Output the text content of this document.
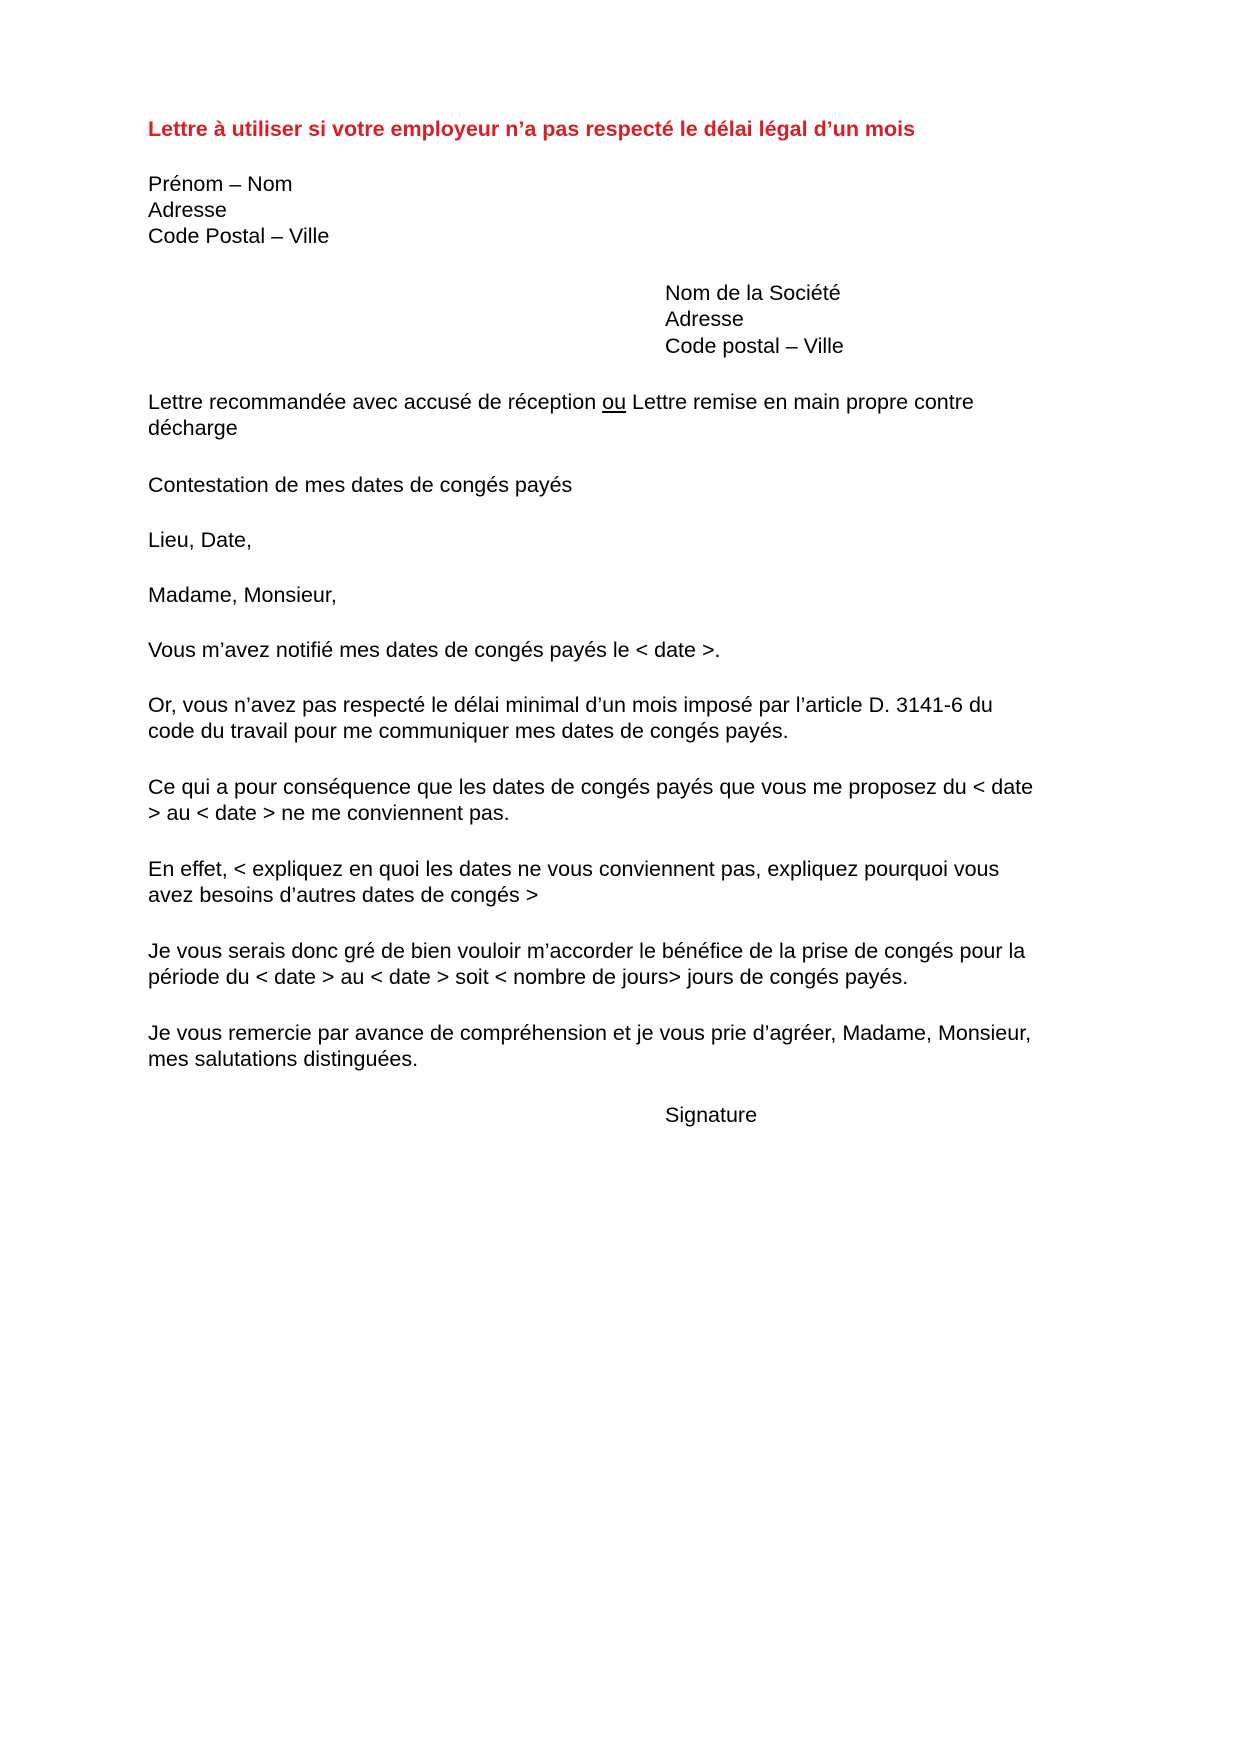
Lettre à utiliser si votre employeur n’a pas respecté le délai légal d’un mois
Prénom – Nom
Adresse
Code Postal – Ville
Nom de la Société
Adresse
Code postal – Ville
Lettre recommandée avec accusé de réception ou Lettre remise en main propre contre
décharge
Contestation de mes dates de congés payés
Lieu, Date,
Madame, Monsieur,
Vous m’avez notifié mes dates de congés payés le < date >.
Or, vous n’avez pas respecté le délai minimal d’un mois imposé par l’article D. 3141-6 du
code du travail pour me communiquer mes dates de congés payés.
Ce qui a pour conséquence que les dates de congés payés que vous me proposez du < date
> au < date > ne me conviennent pas.
En effet, < expliquez en quoi les dates ne vous conviennent pas, expliquez pourquoi vous
avez besoins d’autres dates de congés >
Je vous serais donc gré de bien vouloir m’accorder le bénéfice de la prise de congés pour la
période du < date > au < date > soit < nombre de jours> jours de congés payés.
Je vous remercie par avance de compréhension et je vous prie d’agréer, Madame, Monsieur,
mes salutations distinguées.
Signature
